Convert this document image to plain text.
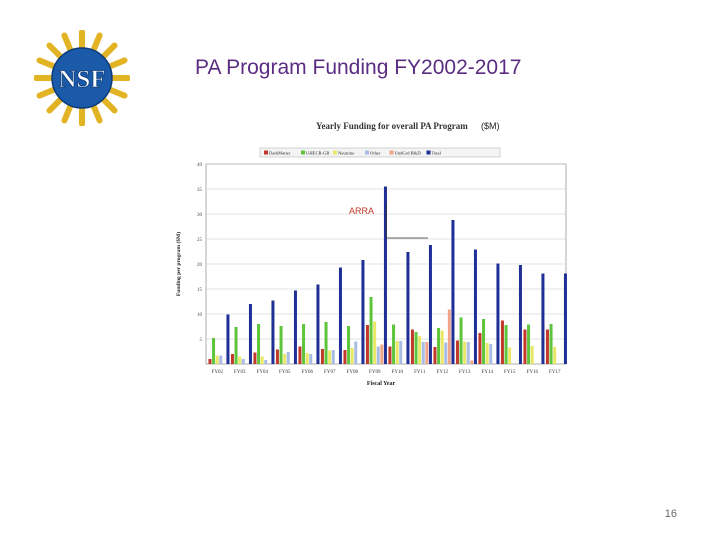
NSF	PA Program Funding FY2002-2017
Yearly Funding for overall PA Program ($M)
5
10
15
20
25
30
35
40
Funding per program ($M)
Fiscal Year
FY02 FY03 FY04 FY05 FY06 FY07 FY08 FY09 FY10 FY11 FY12 FY13 FY14 FY15 FY16 FY17
DarkMatter	UHECR-GR Neutrino	Other	UndGrd R&D Total
ARRA
16
